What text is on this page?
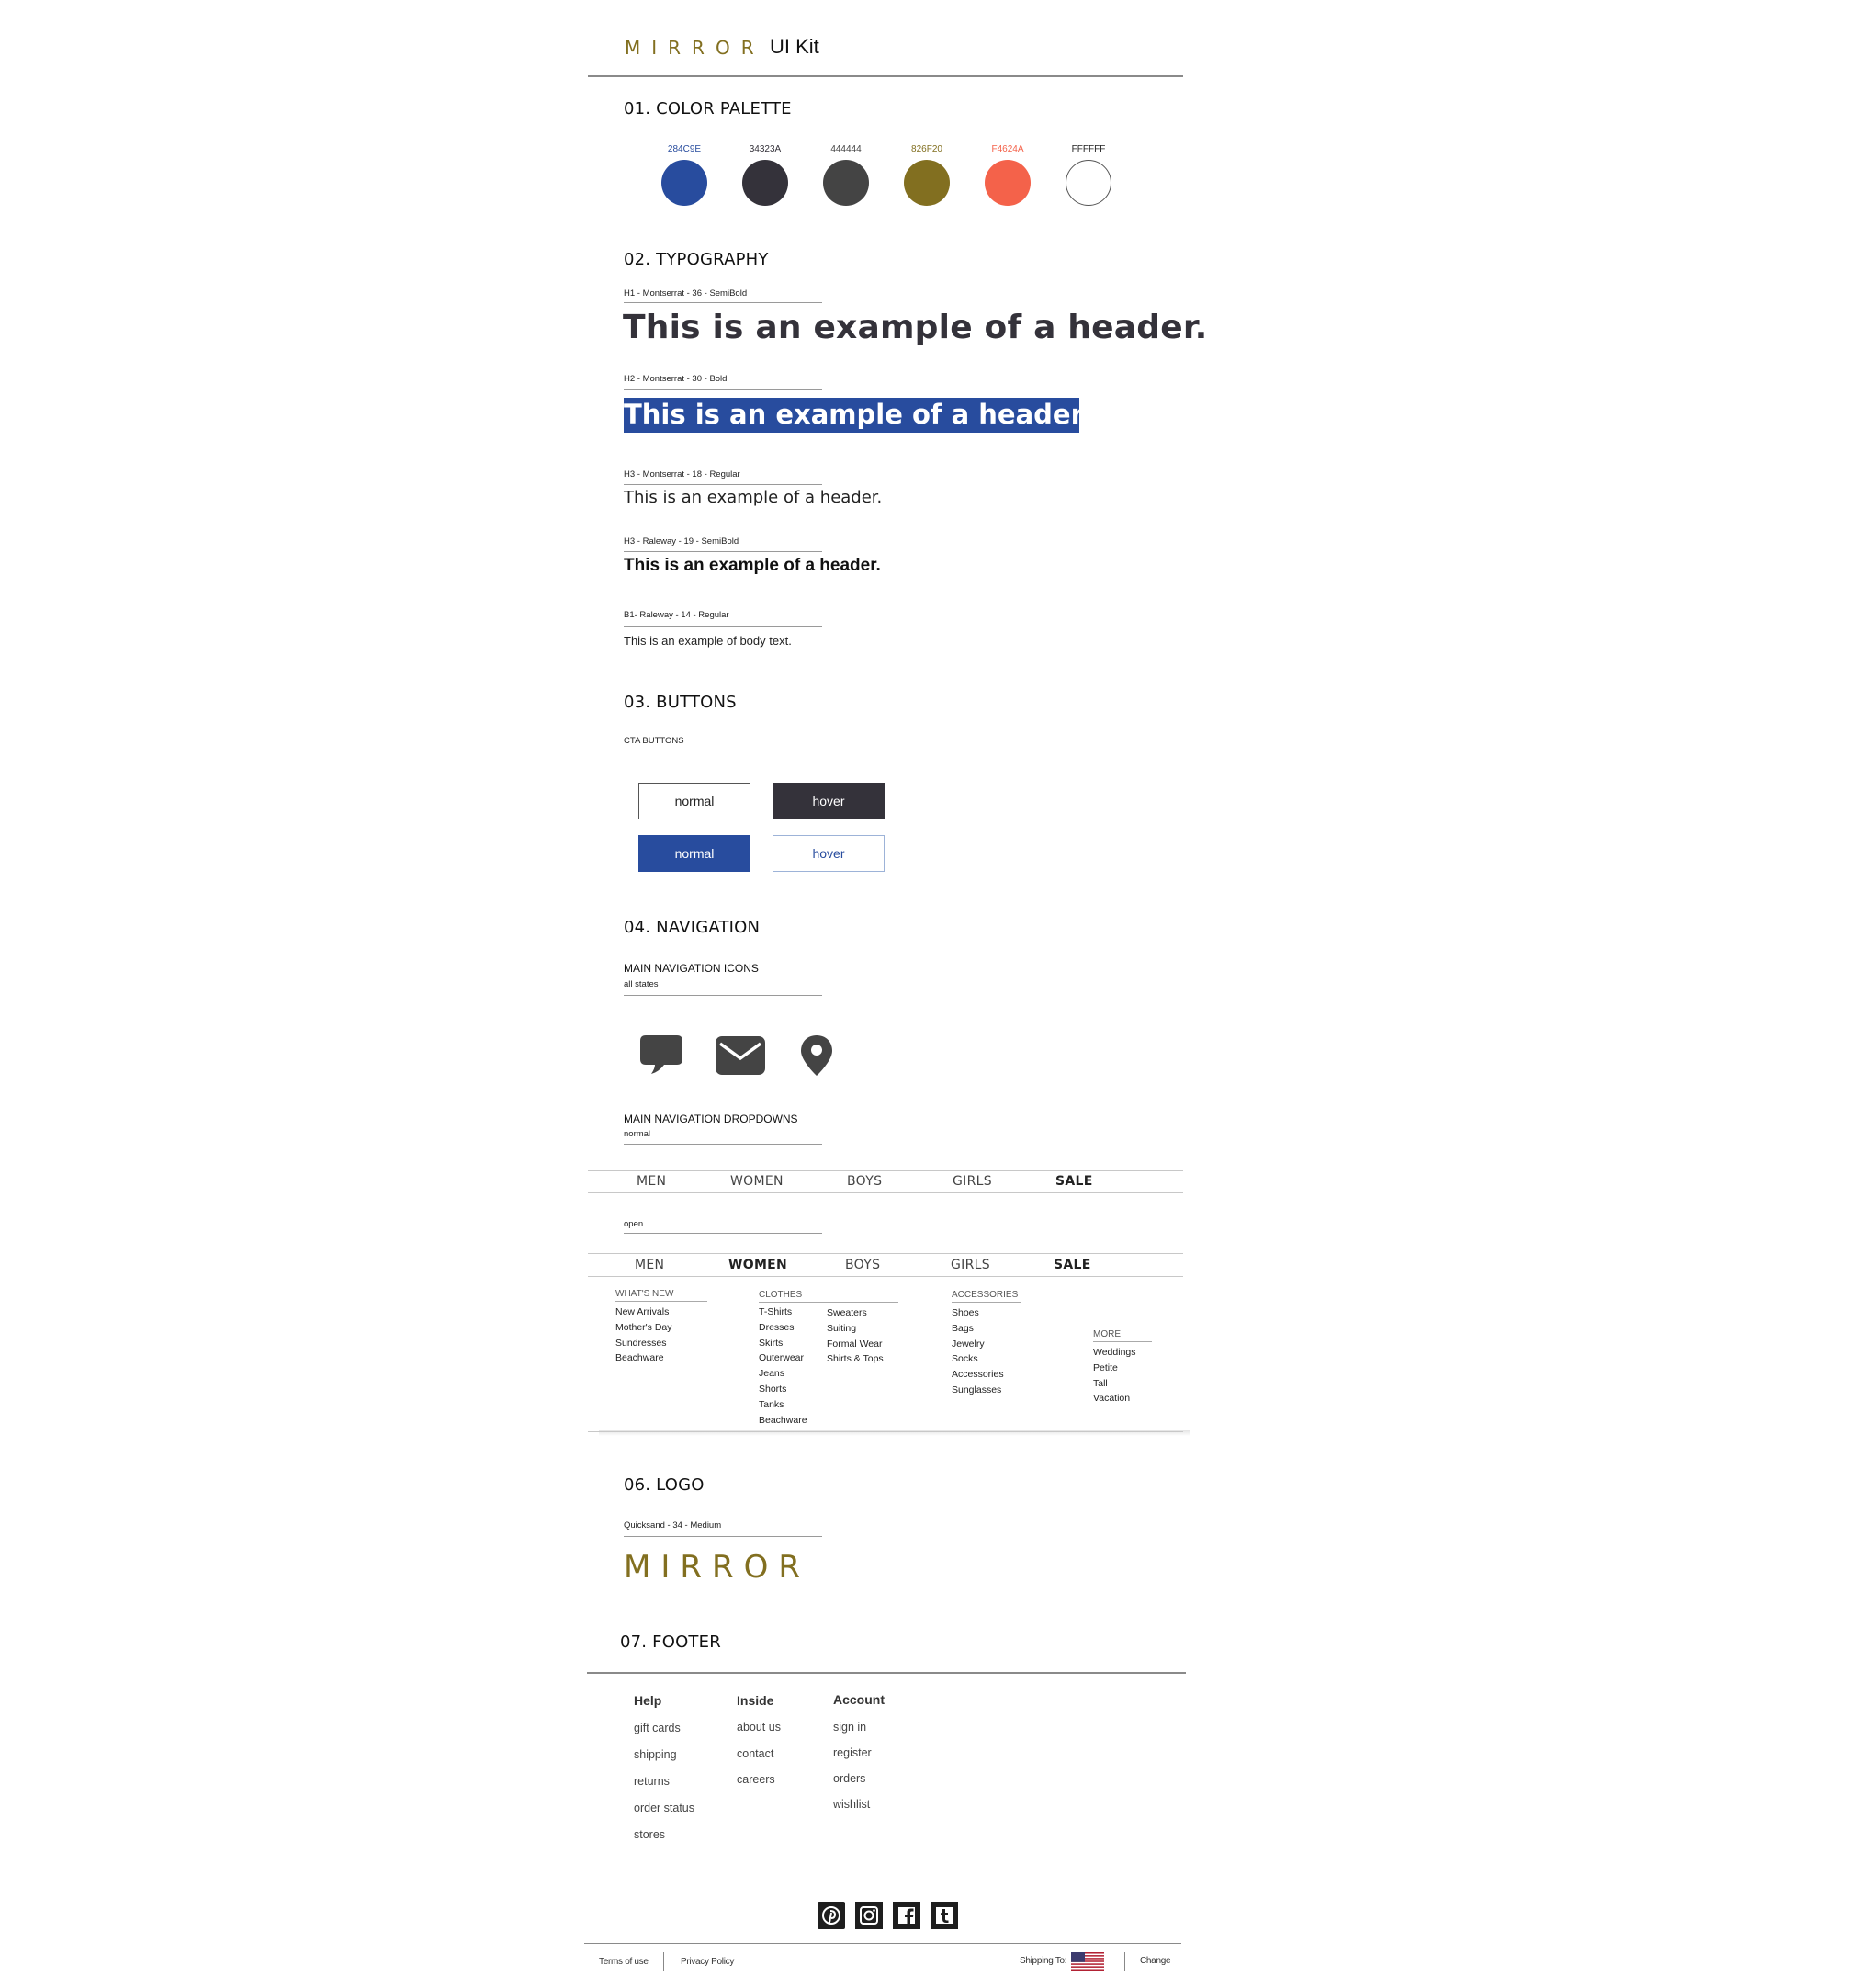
MIRROR UI Kit
01. COLOR PALETTE
284C9E	34323A	444444	826F20	F4624A	FFFFFF
02. TYPOGRAPHY
H1 - Montserrat - 36 - SemiBold
This is an example of a header.
H2 - Montserrat - 30 - Bold
This is an example of a header.
H3 - Montserrat - 18 - Regular
This is an example of a header.
H3 - Raleway - 19 - SemiBold
This is an example of a header.
B1- Raleway - 14 - Regular
This is an example of body text.
03. BUTTONS
CTA BUTTONS
normal	hover
normal	hover
04. NAVIGATION
MAIN NAVIGATION ICONS
all states
MAIN NAVIGATION DROPDOWNS
normal
MEN	WOMEN	BOYS	GIRLS	SALE
open
MEN	WOMEN	BOYS	GIRLS	SALE
WHAT'S NEW
New Arrivals
Mother's Day
Sundresses
Beachware
CLOTHES
T-Shirts
Dresses
Skirts
Outerwear
Jeans
Shorts
Tanks
Beachware
Sweaters
Suiting
Formal Wear
Shirts & Tops
ACCESSORIES
Shoes
Bags
Jewelry
Socks
Accessories
Sunglasses
MORE
Weddings
Petite
Tall
Vacation
06. LOGO
Quicksand - 34 - Medium
MIRROR
07. FOOTER
Help
gift cards
shipping
returns
order status
stores
Inside
about us
contact
careers
Account
sign in
register
orders
wishlist
Terms of use	Privacy Policy	Shipping To:	Change
